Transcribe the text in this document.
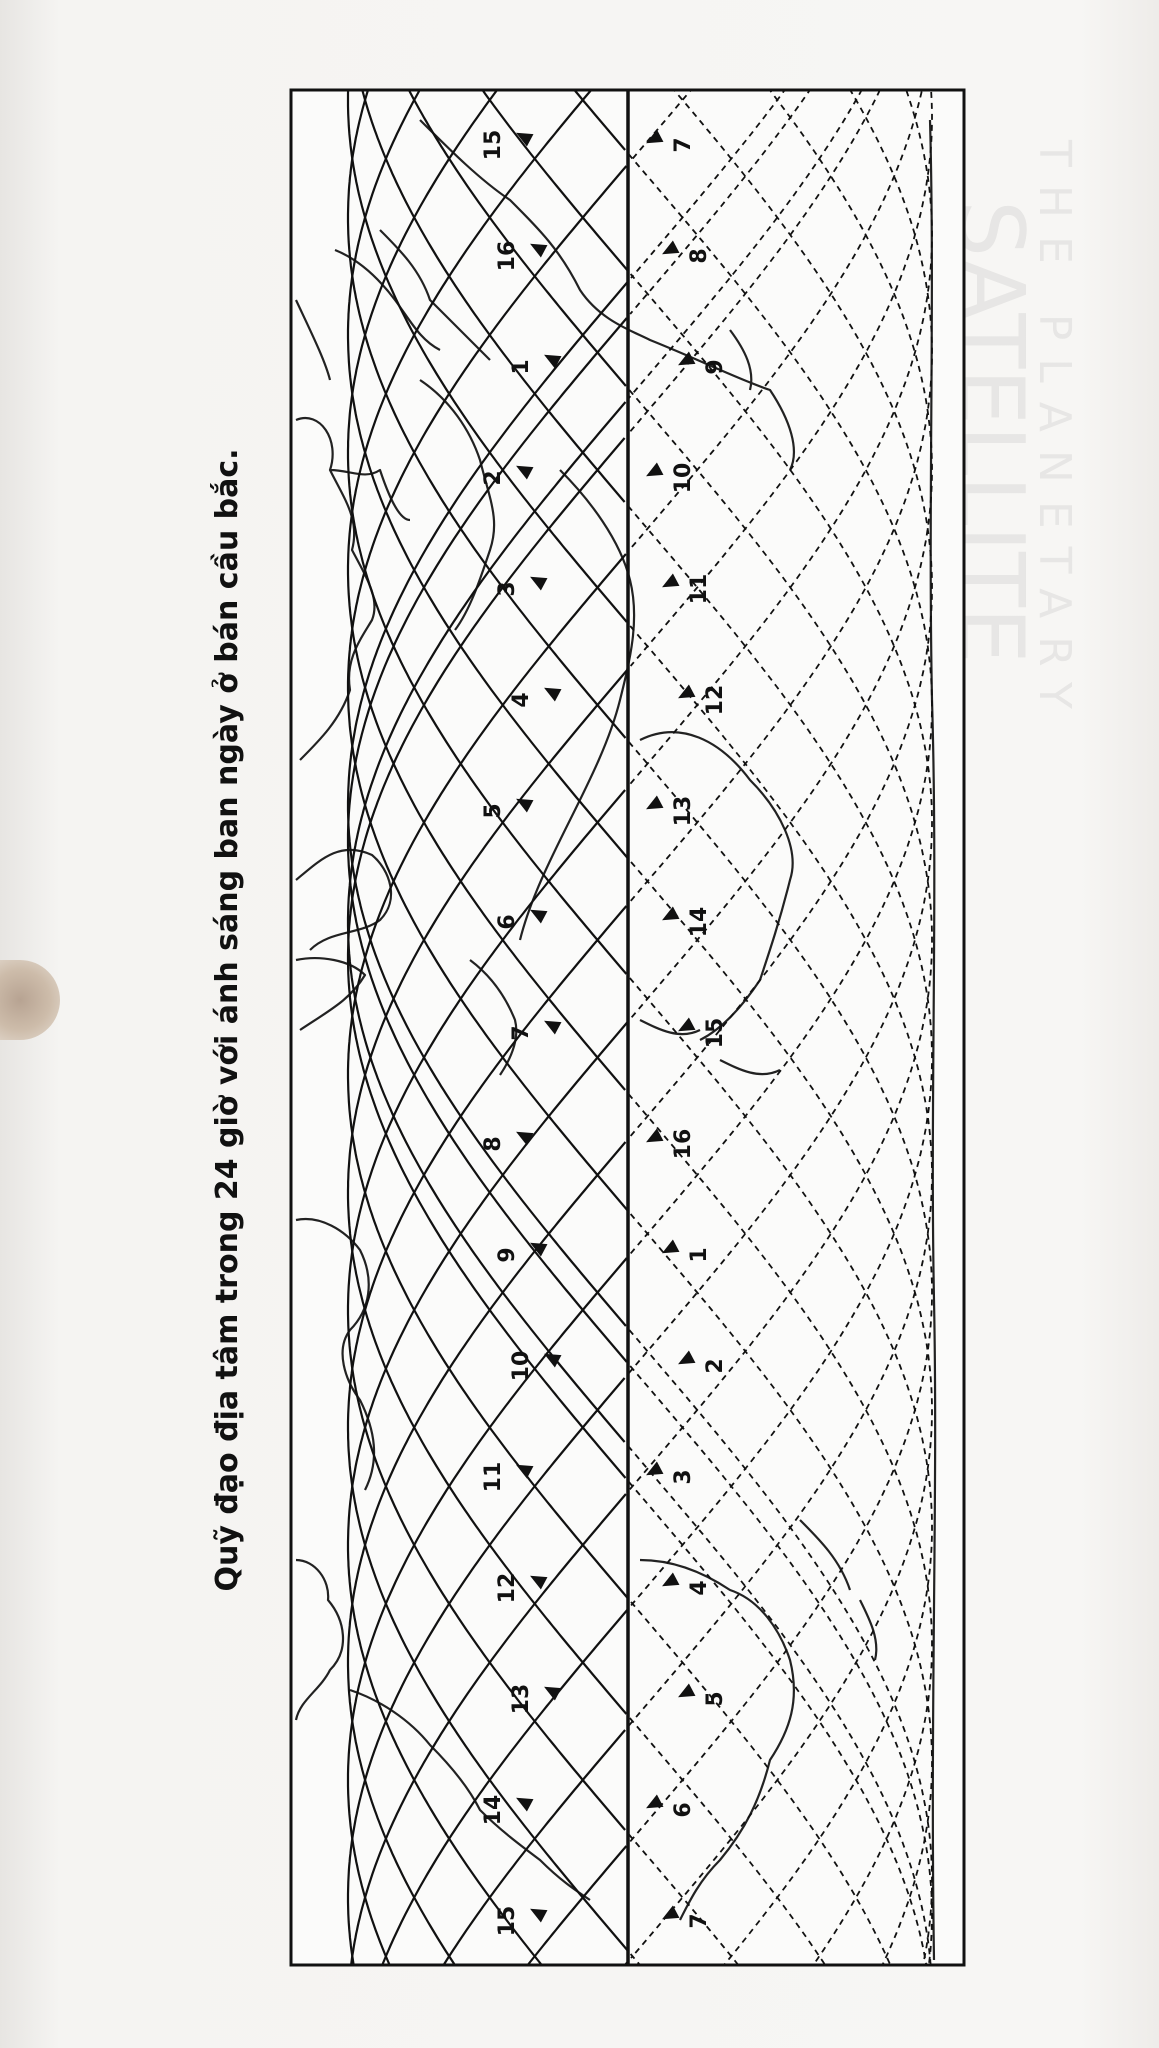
15
16
1
2
3
4
5
6
7
8
9
10
11
12
13
14
15
7
8
9
10
11
12
13
14
15
16
1
2
3
4
5
6
7
Quỹ đạo địa tâm trong 24 giờ với ánh sáng ban ngày ở bán cầu bắc.
